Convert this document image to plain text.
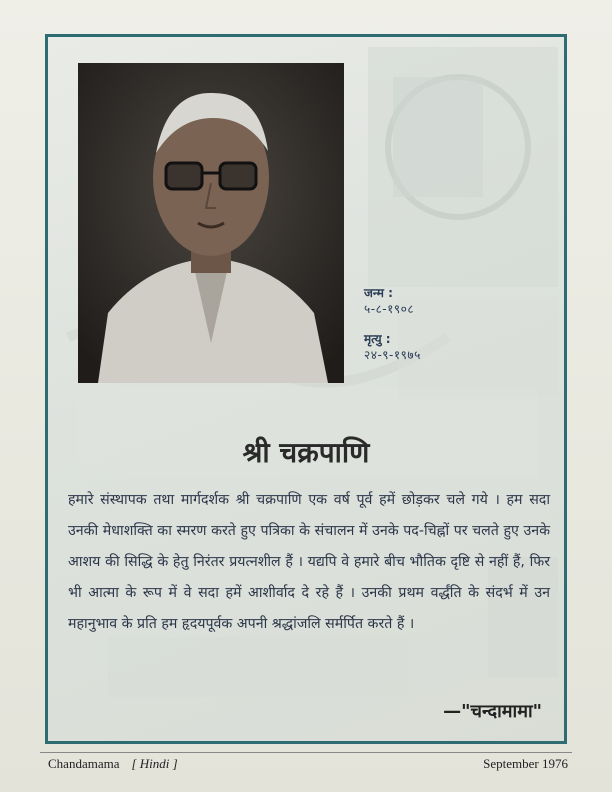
जन्म :

५-८-१९०८

मृत्यु :

२४-९-१९७५

श्री चक्रपाणि

हमारे संस्थापक तथा मार्गदर्शक श्री चक्रपाणि एक वर्ष पूर्व हमें छोड़कर चले गये । हम सदा उनकी मेधाशक्ति का स्मरण करते हुए पत्रिका के संचालन में उनके पद-चिह्नों पर चलते हुए उनके आशय की सिद्धि के हेतु निरंतर प्रयत्नशील हैं । यद्यपि वे हमारे बीच भौतिक दृष्टि से नहीं हैं, फिर भी आत्मा के रूप में वे सदा हमें आशीर्वाद दे रहे हैं । उनकी प्रथम वर्द्धंति के संदर्भ में उन महानुभाव के प्रति हम हृदयपूर्वक अपनी श्रद्धांजलि सर्मर्पित करते हैं ।

—"चन्दामामा"

Chandamama [ Hindi ]	September 1976
